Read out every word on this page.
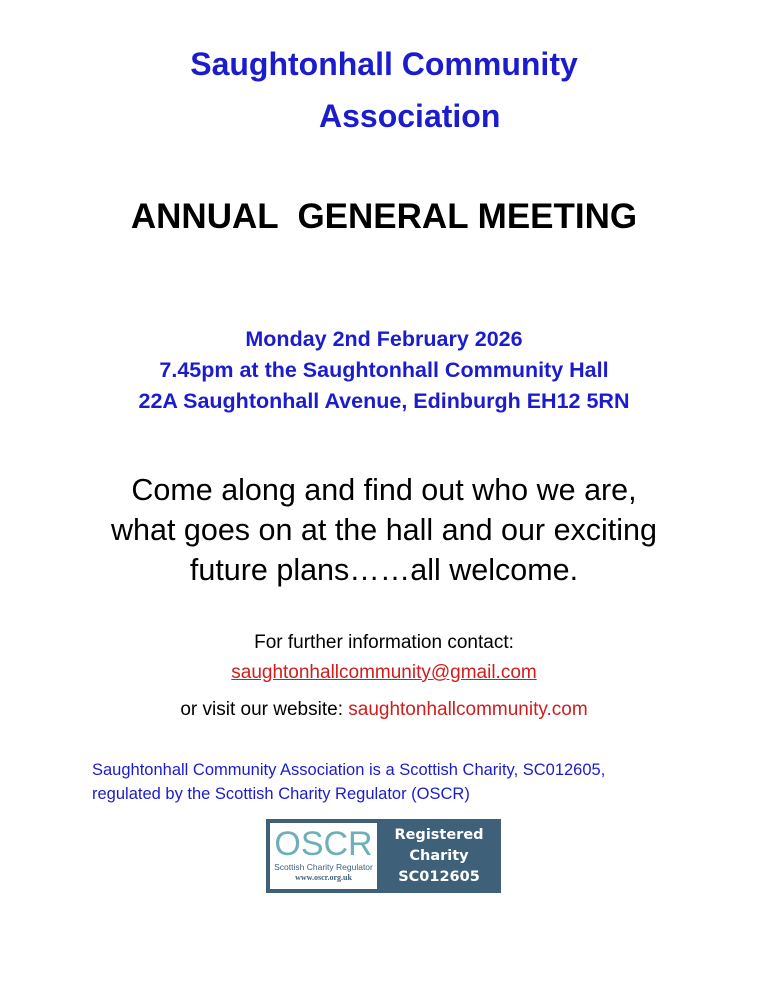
Saughtonhall Community
Association
ANNUAL  GENERAL MEETING
Monday 2nd February 2026
7.45pm at the Saughtonhall Community Hall
22A Saughtonhall Avenue, Edinburgh EH12 5RN
Come along and find out who we are,
what goes on at the hall and our exciting
future plans……all welcome.
For further information contact:
saughtonhallcommunity@gmail.com
or visit our website: saughtonhallcommunity.com
Saughtonhall Community Association is a Scottish Charity, SC012605,
regulated by the Scottish Charity Regulator (OSCR)
OSCR
Scottish Charity Regulator
www.oscr.org.uk
Registered
Charity
SC012605
